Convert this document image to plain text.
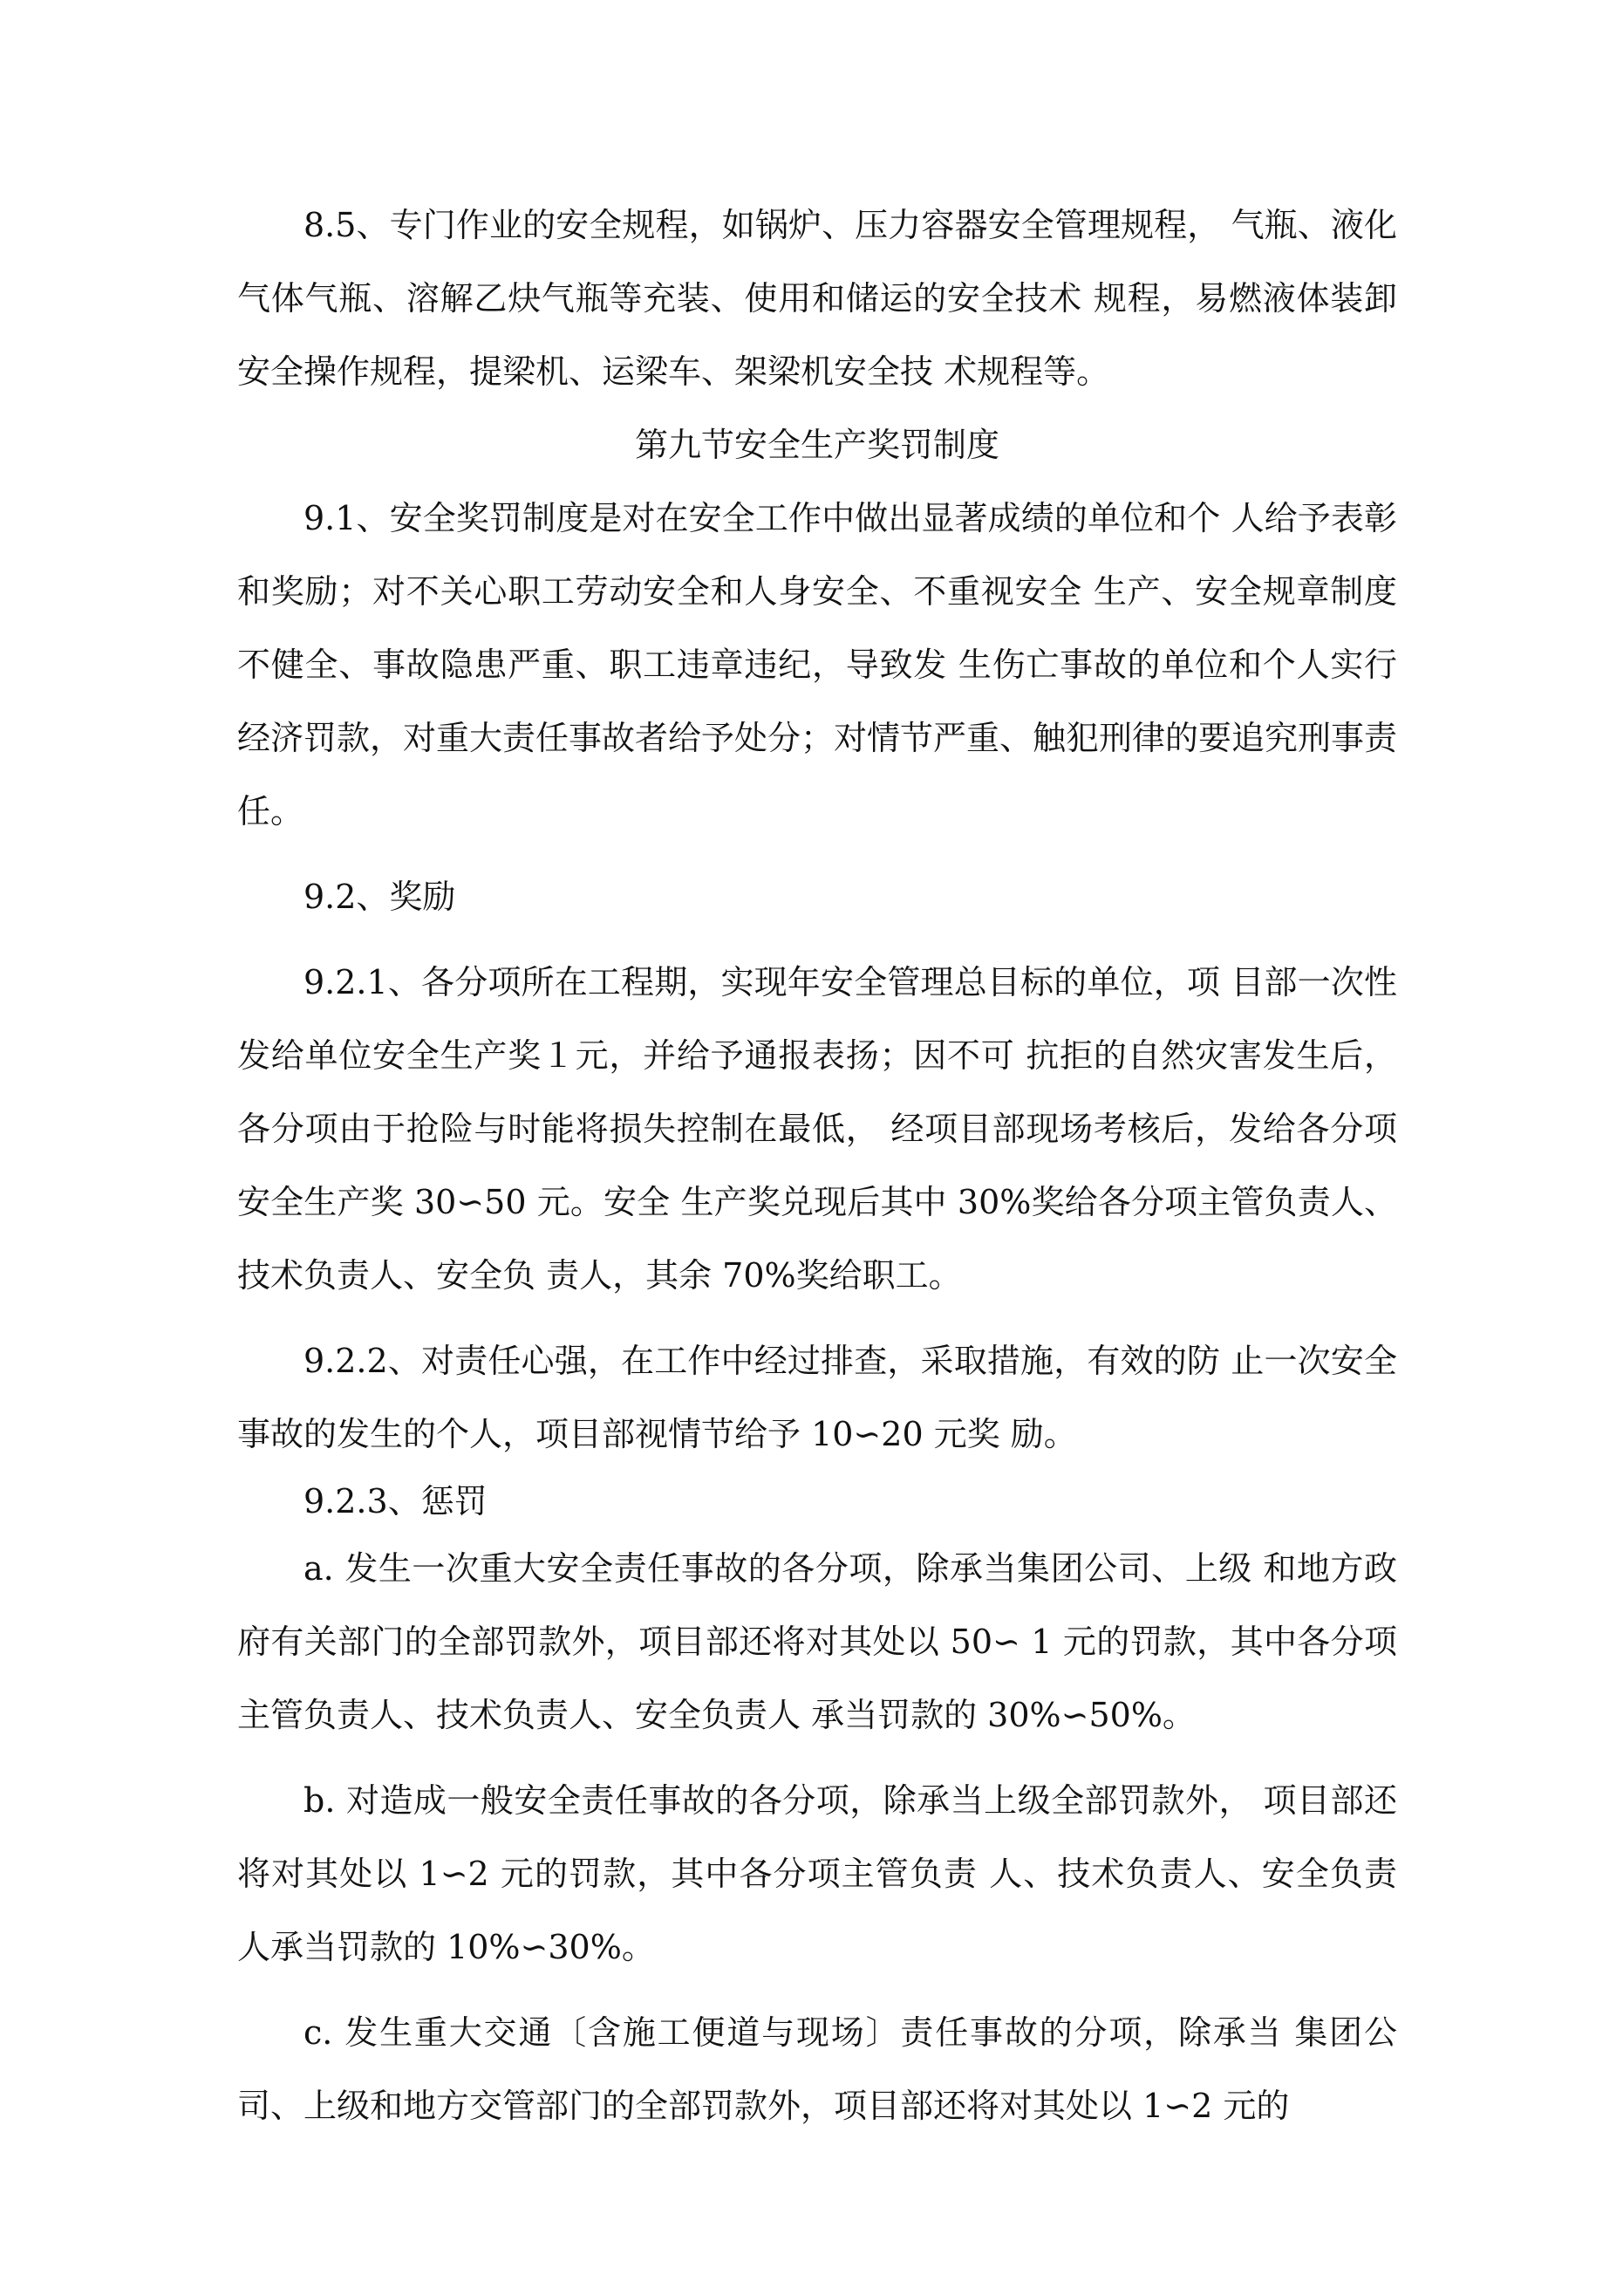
8.5、专门作业的安全规程，如锅炉、压力容器安全管理规程， 气瓶、液化气体气瓶、溶解乙炔气瓶等充装、使用和储运的安全技术 规程，易燃液体装卸安全操作规程，提梁机、运梁车、架梁机安全技 术规程等。

第九节安全生产奖罚制度

9.1、安全奖罚制度是对在安全工作中做出显著成绩的单位和个 人给予表彰和奖励；对不关心职工劳动安全和人身安全、不重视安全 生产、安全规章制度不健全、事故隐患严重、职工违章违纪，导致发 生伤亡事故的单位和个人实行经济罚款，对重大责任事故者给予处分；对情节严重、触犯刑律的要追究刑事责任。

9.2、奖励

9.2.1、各分项所在工程期，实现年安全管理总目标的单位，项 目部一次性发给单位安全生产奖１元，并给予通报表扬；因不可 抗拒的自然灾害发生后，各分项由于抢险与时能将损失控制在最低， 经项目部现场考核后，发给各分项安全生产奖 30∽50 元。安全 生产奖兑现后其中 30%奖给各分项主管负责人、技术负责人、安全负 责人，其余 70%奖给职工。

9.2.2、对责任心强，在工作中经过排查，采取措施，有效的防 止一次安全事故的发生的个人，项目部视情节给予 10∽20 元奖 励。

9.2.3、惩罚

a. 发生一次重大安全责任事故的各分项，除承当集团公司、上级 和地方政府有关部门的全部罚款外，项目部还将对其处以 50∽ 1 元的罚款，其中各分项主管负责人、技术负责人、安全负责人 承当罚款的 30%∽50%。

b. 对造成一般安全责任事故的各分项，除承当上级全部罚款外， 项目部还将对其处以 1∽2 元的罚款，其中各分项主管负责 人、技术负责人、安全负责人承当罚款的 10%∽30%。

c. 发生重大交通〔含施工便道与现场〕责任事故的分项，除承当 集团公司、上级和地方交管部门的全部罚款外，项目部还将对其处以 1∽2 元的
